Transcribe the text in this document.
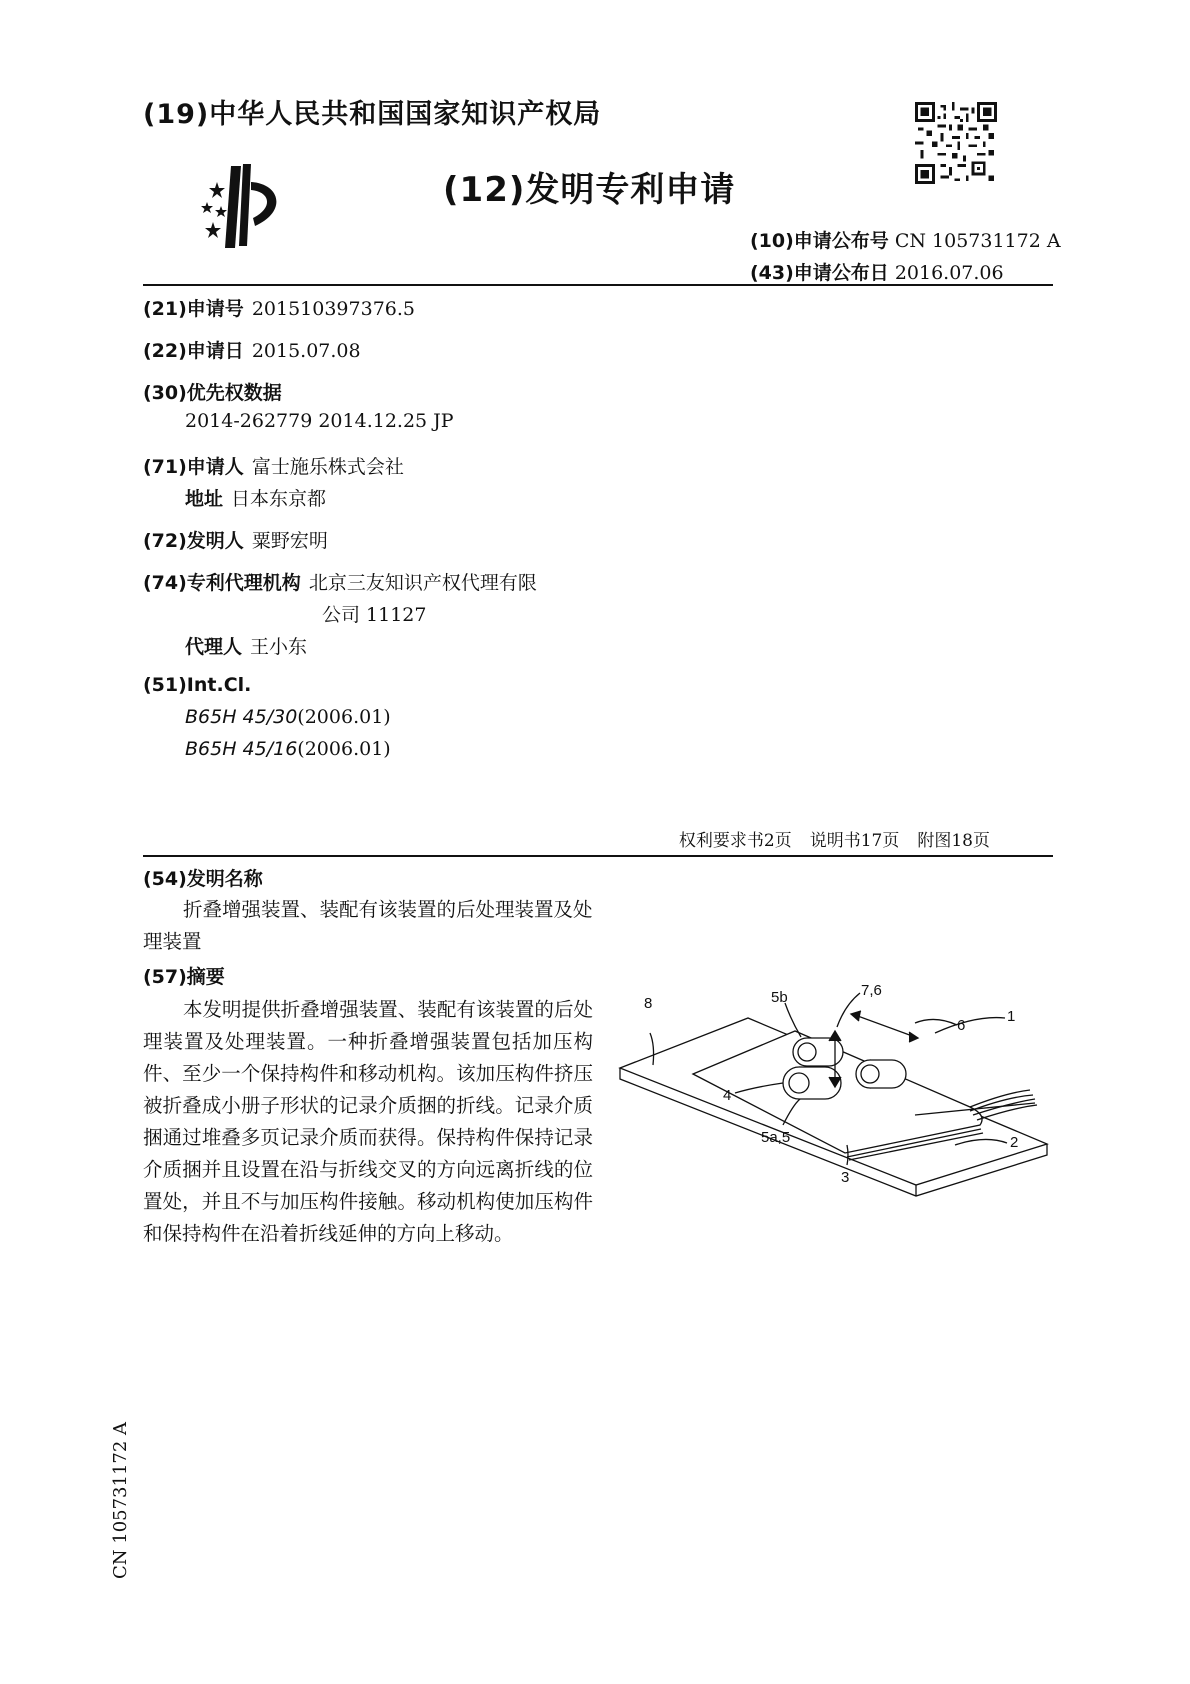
(19)中华人民共和国国家知识产权局
(12)发明专利申请
(10)申请公布号 CN 105731172 A
(43)申请公布日 2016.07.06
(21)申请号 201510397376.5
(22)申请日 2015.07.08
(30)优先权数据
2014-262779 2014.12.25 JP
(71)申请人 富士施乐株式会社
地址 日本东京都
(72)发明人 粟野宏明
(74)专利代理机构 北京三友知识产权代理有限
公司 11127
代理人 王小东
(51)Int.Cl.
B65H 45/30(2006.01)
B65H 45/16(2006.01)
权利要求书2页 说明书17页 附图18页
(54)发明名称
折叠增强装置、装配有该装置的后处理装置及处理装置
(57)摘要
本发明提供折叠增强装置、装配有该装置的后处理装置及处理装置。一种折叠增强装置包括加压构件、至少一个保持构件和移动机构。该加压构件挤压被折叠成小册子形状的记录介质捆的折线。记录介质捆通过堆叠多页记录介质而获得。保持构件保持记录介质捆并且设置在沿与折线交叉的方向远离折线的位置处，并且不与加压构件接触。移动机构使加压构件和保持构件在沿着折线延伸的方向上移动。
8	5b	7,6
6
1
4
5a,5
3
2
CN 105731172 A
